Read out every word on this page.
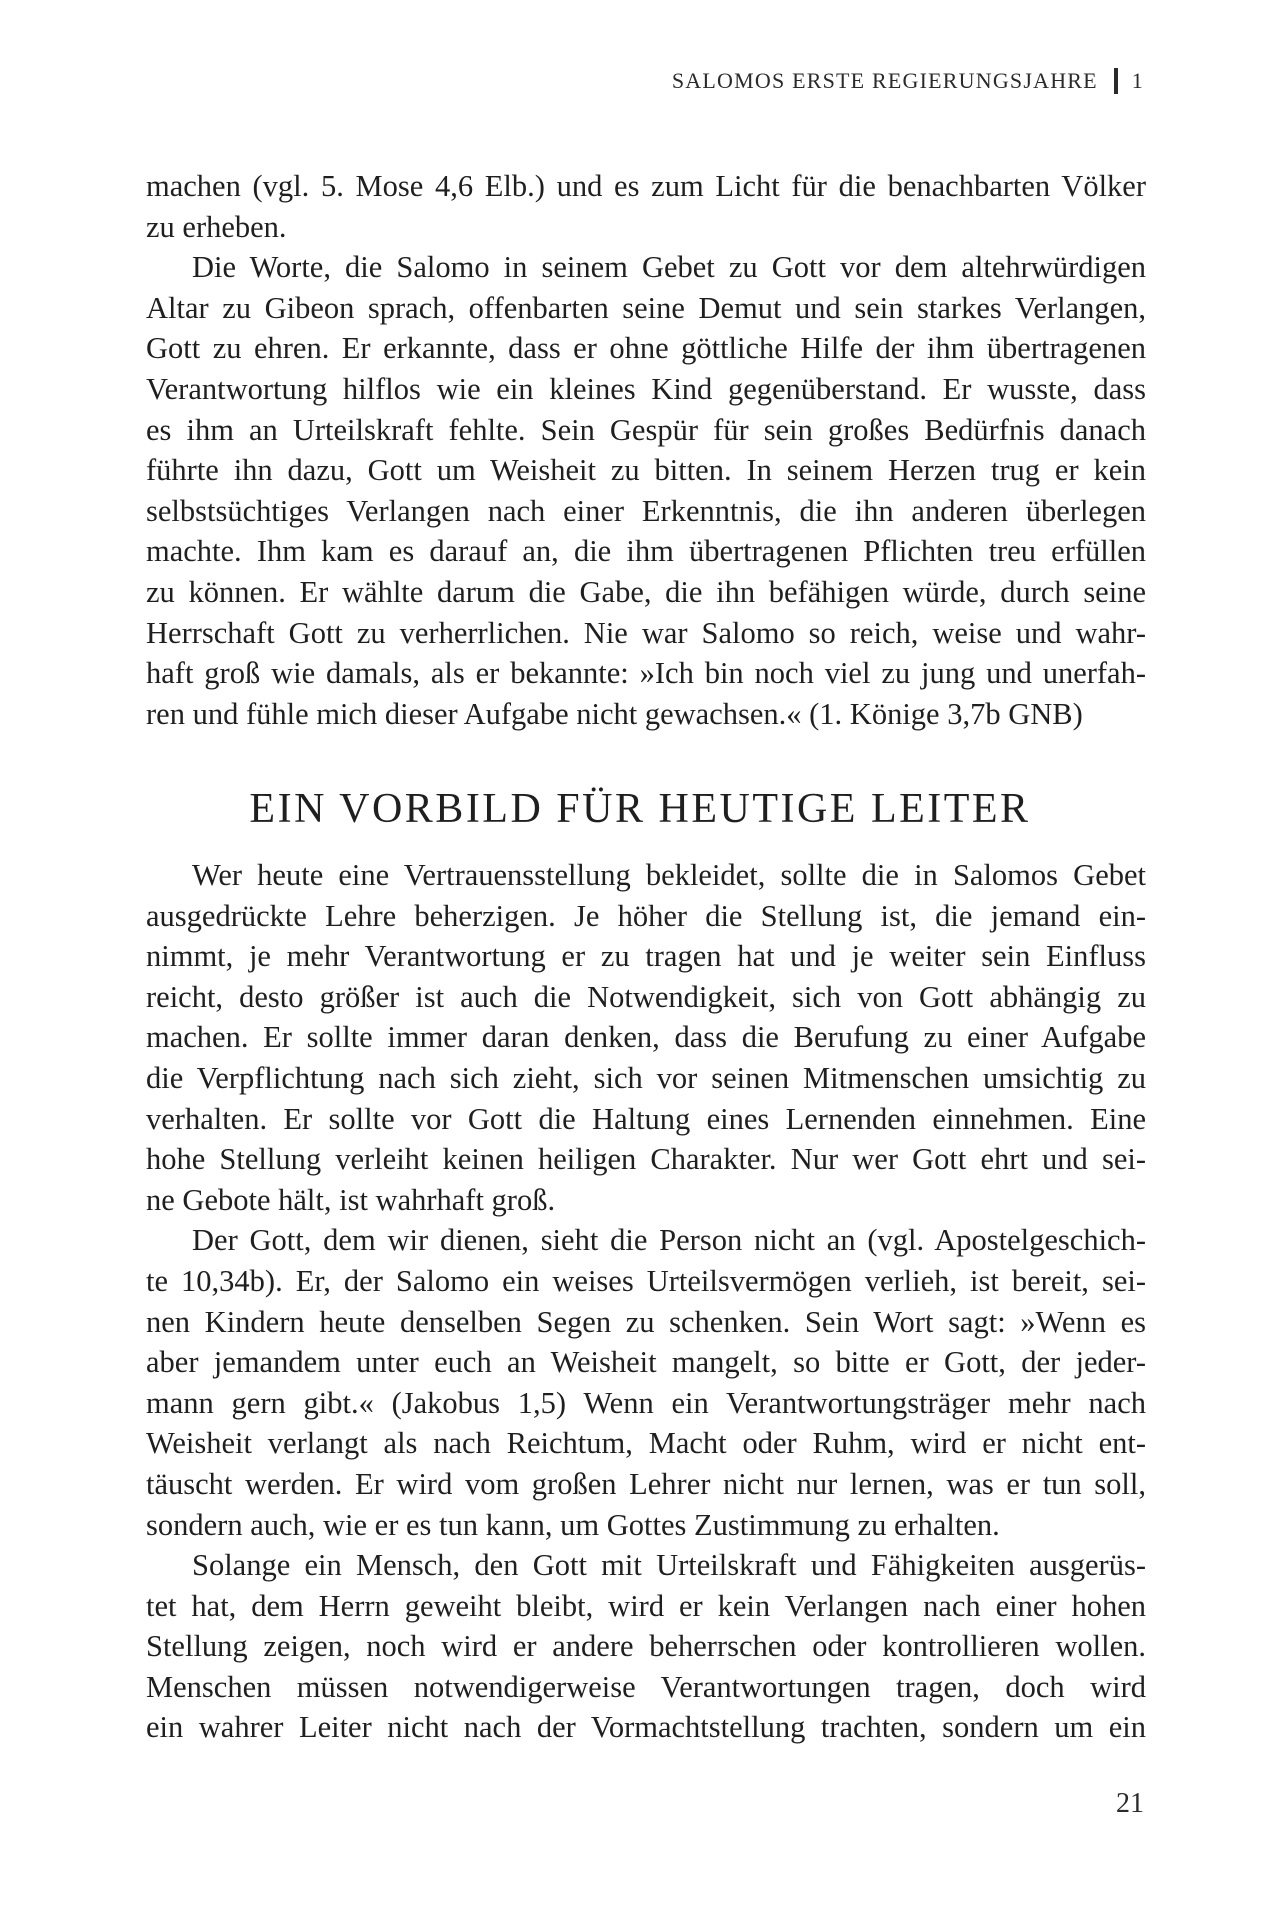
SALOMOS ERSTE REGIERUNGSJAHRE 1
machen (vgl. 5. Mose 4,6 Elb.) und es zum Licht für die benachbarten Völker
zu erheben.
Die Worte, die Salomo in seinem Gebet zu Gott vor dem altehrwürdigen
Altar zu Gibeon sprach, offenbarten seine Demut und sein starkes Verlangen,
Gott zu ehren. Er erkannte, dass er ohne göttliche Hilfe der ihm übertragenen
Verantwortung hilflos wie ein kleines Kind gegenüberstand. Er wusste, dass
es ihm an Urteilskraft fehlte. Sein Gespür für sein großes Bedürfnis danach
führte ihn dazu, Gott um Weisheit zu bitten. In seinem Herzen trug er kein
selbstsüchtiges Verlangen nach einer Erkenntnis, die ihn anderen überlegen
machte. Ihm kam es darauf an, die ihm übertragenen Pflichten treu erfüllen
zu können. Er wählte darum die Gabe, die ihn befähigen würde, durch seine
Herrschaft Gott zu verherrlichen. Nie war Salomo so reich, weise und wahr-
haft groß wie damals, als er bekannte: »Ich bin noch viel zu jung und unerfah-
ren und fühle mich dieser Aufgabe nicht gewachsen.« (1. Könige 3,7b GNB)
EIN VORBILD FÜR HEUTIGE LEITER
Wer heute eine Vertrauensstellung bekleidet, sollte die in Salomos Gebet
ausgedrückte Lehre beherzigen. Je höher die Stellung ist, die jemand ein-
nimmt, je mehr Verantwortung er zu tragen hat und je weiter sein Einfluss
reicht, desto größer ist auch die Notwendigkeit, sich von Gott abhängig zu
machen. Er sollte immer daran denken, dass die Berufung zu einer Aufgabe
die Verpflichtung nach sich zieht, sich vor seinen Mitmenschen umsichtig zu
verhalten. Er sollte vor Gott die Haltung eines Lernenden einnehmen. Eine
hohe Stellung verleiht keinen heiligen Charakter. Nur wer Gott ehrt und sei-
ne Gebote hält, ist wahrhaft groß.
Der Gott, dem wir dienen, sieht die Person nicht an (vgl. Apostelgeschich-
te 10,34b). Er, der Salomo ein weises Urteilsvermögen verlieh, ist bereit, sei-
nen Kindern heute denselben Segen zu schenken. Sein Wort sagt: »Wenn es
aber jemandem unter euch an Weisheit mangelt, so bitte er Gott, der jeder-
mann gern gibt.« (Jakobus 1,5) Wenn ein Verantwortungsträger mehr nach
Weisheit verlangt als nach Reichtum, Macht oder Ruhm, wird er nicht ent-
täuscht werden. Er wird vom großen Lehrer nicht nur lernen, was er tun soll,
sondern auch, wie er es tun kann, um Gottes Zustimmung zu erhalten.
Solange ein Mensch, den Gott mit Urteilskraft und Fähigkeiten ausgerüs-
tet hat, dem Herrn geweiht bleibt, wird er kein Verlangen nach einer hohen
Stellung zeigen, noch wird er andere beherrschen oder kontrollieren wollen.
Menschen müssen notwendigerweise Verantwortungen tragen, doch wird
ein wahrer Leiter nicht nach der Vormachtstellung trachten, sondern um ein
21
